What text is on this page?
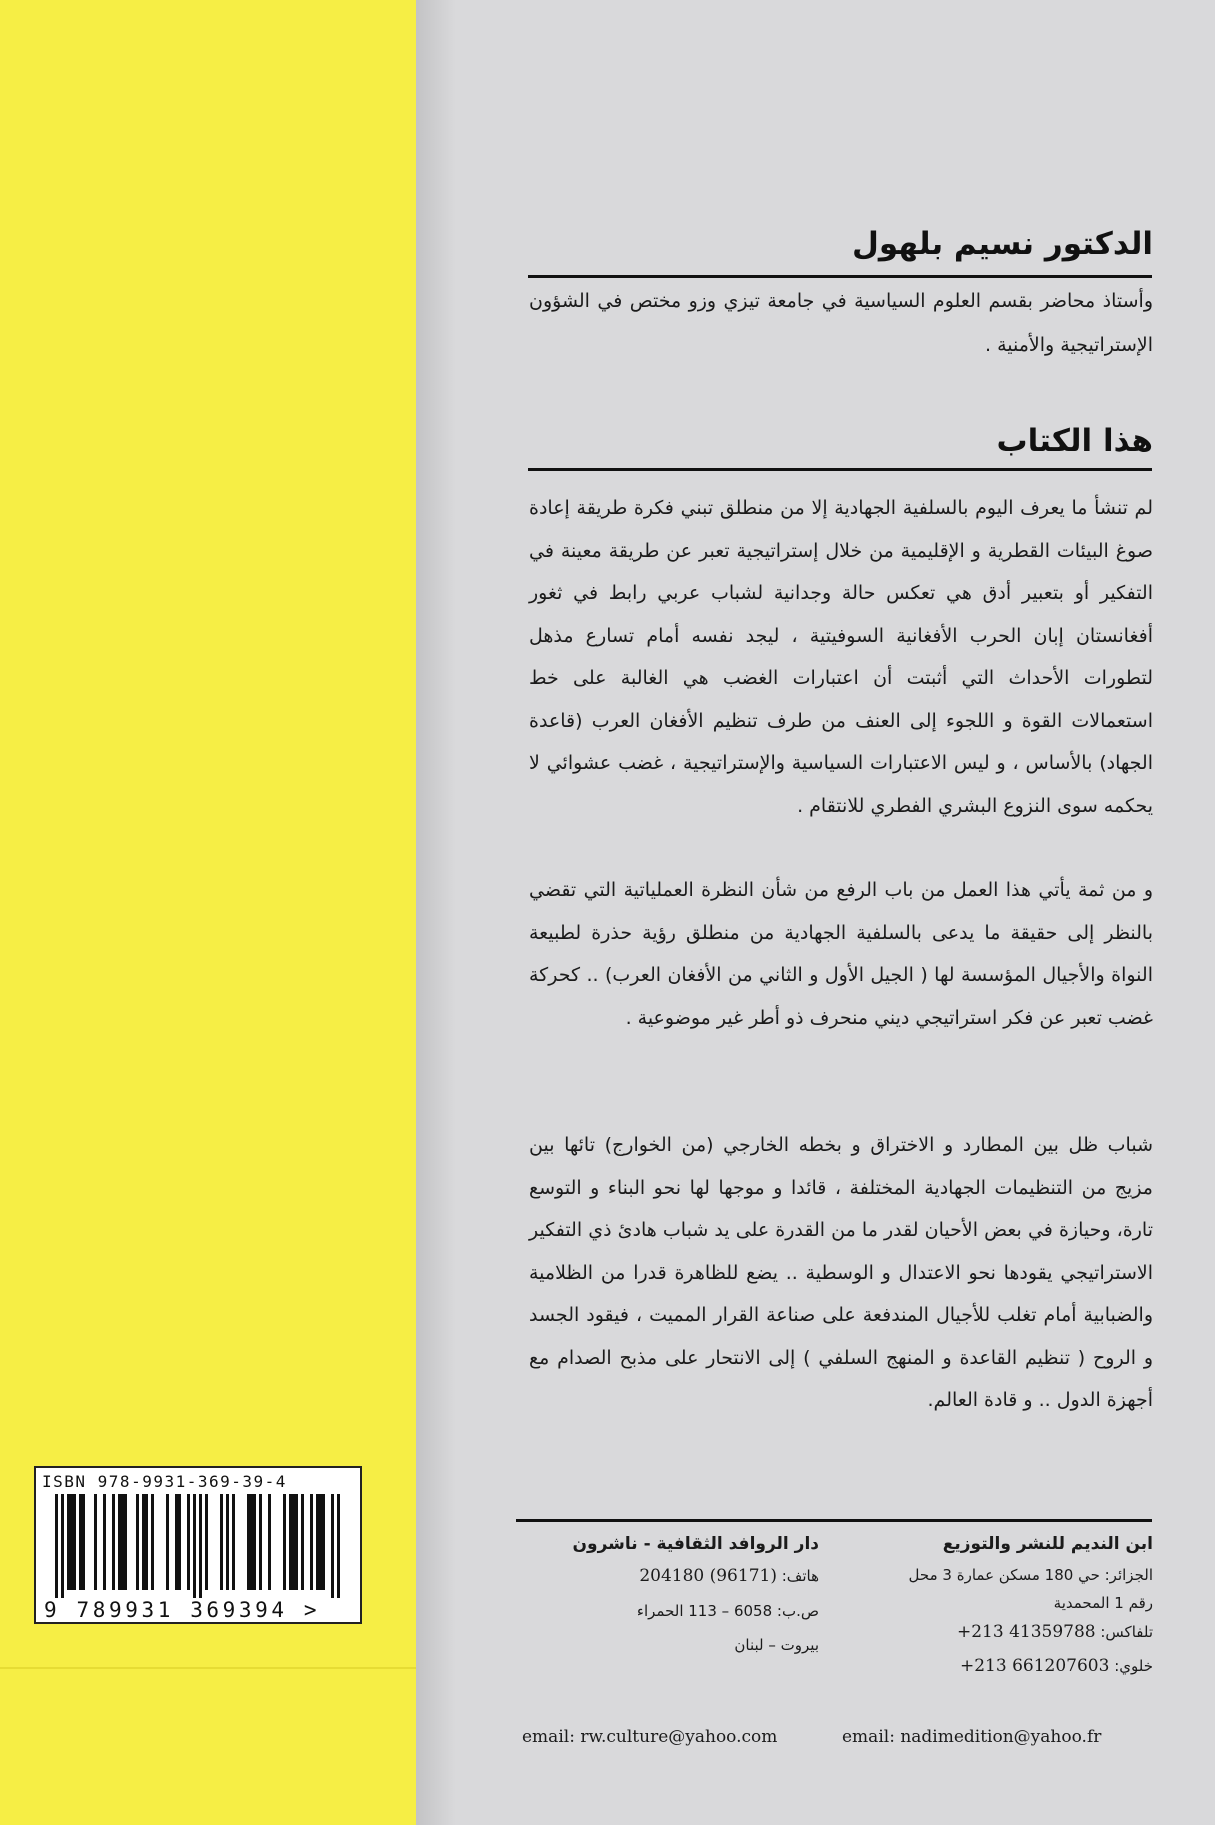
الدكتور نسيم بلهول

وأستاذ محاضر بقسم العلوم السياسية في جامعة تيزي وزو مختص في الشؤون الإستراتيجية والأمنية .

هذا الكتاب

لم تنشأ ما يعرف اليوم بالسلفية الجهادية إلا من منطلق تبني فكرة طريقة إعادة صوغ البيئات القطرية و الإقليمية من خلال إستراتيجية تعبر عن طريقة معينة في التفكير أو بتعبير أدق هي تعكس حالة وجدانية لشباب عربي رابط في ثغور أفغانستان إبان الحرب الأفغانية السوفيتية ، ليجد نفسه أمام تسارع مذهل لتطورات الأحداث التي أثبتت أن اعتبارات الغضب هي الغالبة على خط استعمالات القوة و اللجوء إلى العنف من طرف تنظيم الأفغان العرب (قاعدة الجهاد) بالأساس ، و ليس الاعتبارات السياسية والإستراتيجية ، غضب عشوائي لا يحكمه سوى النزوع البشري الفطري للانتقام .

و من ثمة يأتي هذا العمل من باب الرفع من شأن النظرة العملياتية التي تقضي بالنظر إلى حقيقة ما يدعى بالسلفية الجهادية من منطلق رؤية حذرة لطبيعة النواة والأجيال المؤسسة لها ( الجيل الأول و الثاني من الأفغان العرب) .. كحركة غضب تعبر عن فكر استراتيجي ديني منحرف ذو أطر غير موضوعية .

شباب ظل بين المطارد و الاختراق و بخطه الخارجي (من الخوارج) تائها بين مزيج من التنظيمات الجهادية المختلفة ، قائدا و موجها لها نحو البناء و التوسع تارة، وحيازة في بعض الأحيان لقدر ما من القدرة على يد شباب هادئ ذي التفكير الاستراتيجي يقودها نحو الاعتدال و الوسطية .. يضع للظاهرة قدرا من الظلامية والضبابية أمام تغلب للأجيال المندفعة على صناعة القرار المميت ، فيقود الجسد و الروح ( تنظيم القاعدة و المنهج السلفي ) إلى الانتحار على مذبح الصدام مع أجهزة الدول .. و قادة العالم.

ISBN 978-9931-369-39-4
9 789931 369394 >
ابن النديم للنشر والتوزيع
الجزائر: حي 180 مسكن عمارة 3 محل
رقم 1 المحمدية
تلفاكس: +213 41359788
خلوي: +213 661207603
دار الروافد الثقافية - ناشرون
هاتف: 204180 (96171)
ص.ب: 6058 – 113 الحمراء
بيروت – لبنان
email: rw.culture@yahoo.com	email: nadimedition@yahoo.fr
